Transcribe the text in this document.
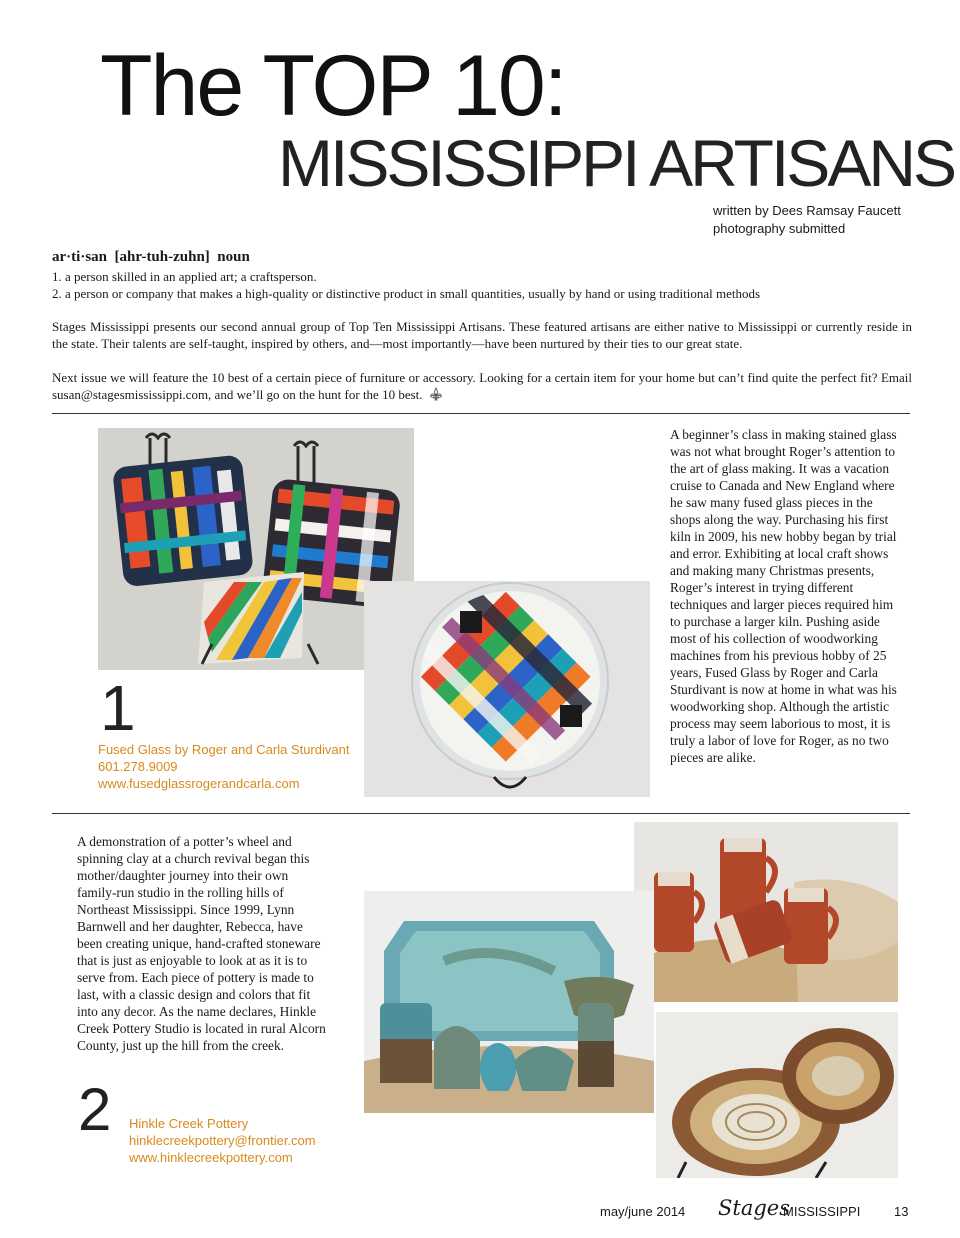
The TOP 10:
MISSISSIPPI ARTISANS
written by Dees Ramsay Faucett
photography submitted
ar·ti·san  [ahr-tuh-zuhn]  noun
1. a person skilled in an applied art; a craftsperson.
2. a person or company that makes a high-quality or distinctive product in small quantities, usually by hand or using traditional methods
Stages Mississippi presents our second annual group of Top Ten Mississippi Artisans. These featured artisans are either native to Mississippi or currently reside in the state. Their talents are self-taught, inspired by others, and—most importantly—have been nurtured by their ties to our great state.
Next issue we will feature the 10 best of a certain piece of furniture or accessory. Looking for a certain item for your home but can’t find quite the perfect fit? Email susan@stagesmississippi.com, and we’ll go on the hunt for the 10 best.
1
Fused Glass by Roger and Carla Sturdivant
601.278.9009
www.fusedglassrogerandcarla.com
A beginner’s class in making stained glass was not what brought Roger’s attention to the art of glass making. It was a vacation cruise to Canada and New England where he saw many fused glass pieces in the shops along the way. Purchasing his first kiln in 2009, his new hobby began by trial and error. Exhibiting at local craft shows and making many Christmas presents, Roger’s interest in trying different techniques and larger pieces required him to purchase a larger kiln. Pushing aside most of his collection of woodworking machines from his previous hobby of 25 years, Fused Glass by Roger and Carla Sturdivant is now at home in what was his woodworking shop. Although the artistic process may seem laborious to most, it is truly a labor of love for Roger, as no two pieces are alike.
A demonstration of a potter’s wheel and spinning clay at a church revival began this mother/daughter journey into their own family-run studio in the rolling hills of Northeast Mississippi. Since 1999, Lynn Barnwell and her daughter, Rebecca, have been creating unique, hand-crafted stoneware that is just as enjoyable to look at as it is to serve from. Each piece of pottery is made to last, with a classic design and colors that fit into any decor. As the name declares, Hinkle Creek Pottery Studio is located in rural Alcorn County, just up the hill from the creek.
2 Hinkle Creek Pottery
hinklecreekpottery@frontier.com
www.hinklecreekpottery.com
may/june 2014 Stages
MISSISSIPPI	13
